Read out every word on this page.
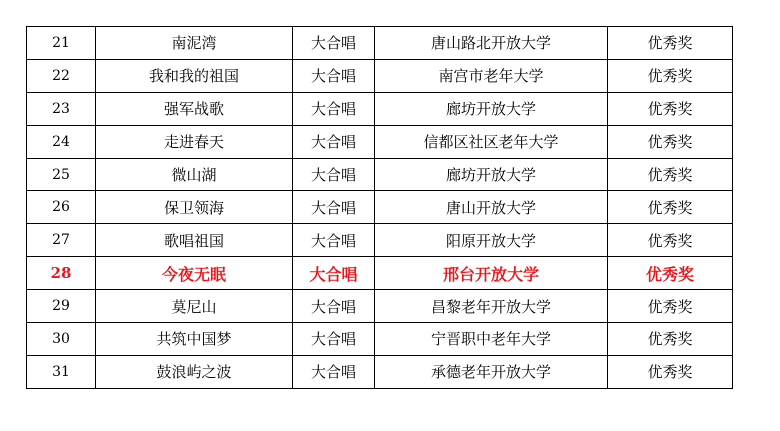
21	南泥湾	大合唱	唐山路北开放大学	优秀奖
22	我和我的祖国	大合唱	南宫市老年大学	优秀奖
23	强军战歌	大合唱	廊坊开放大学	优秀奖
24	走进春天	大合唱	信都区社区老年大学	优秀奖
25	微山湖	大合唱	廊坊开放大学	优秀奖
26	保卫领海	大合唱	唐山开放大学	优秀奖
27	歌唱祖国	大合唱	阳原开放大学	优秀奖
28	今夜无眠	大合唱	邢台开放大学	优秀奖
29	莫尼山	大合唱	昌黎老年开放大学	优秀奖
30	共筑中国梦	大合唱	宁晋职中老年大学	优秀奖
31	鼓浪屿之波	大合唱	承德老年开放大学	优秀奖
